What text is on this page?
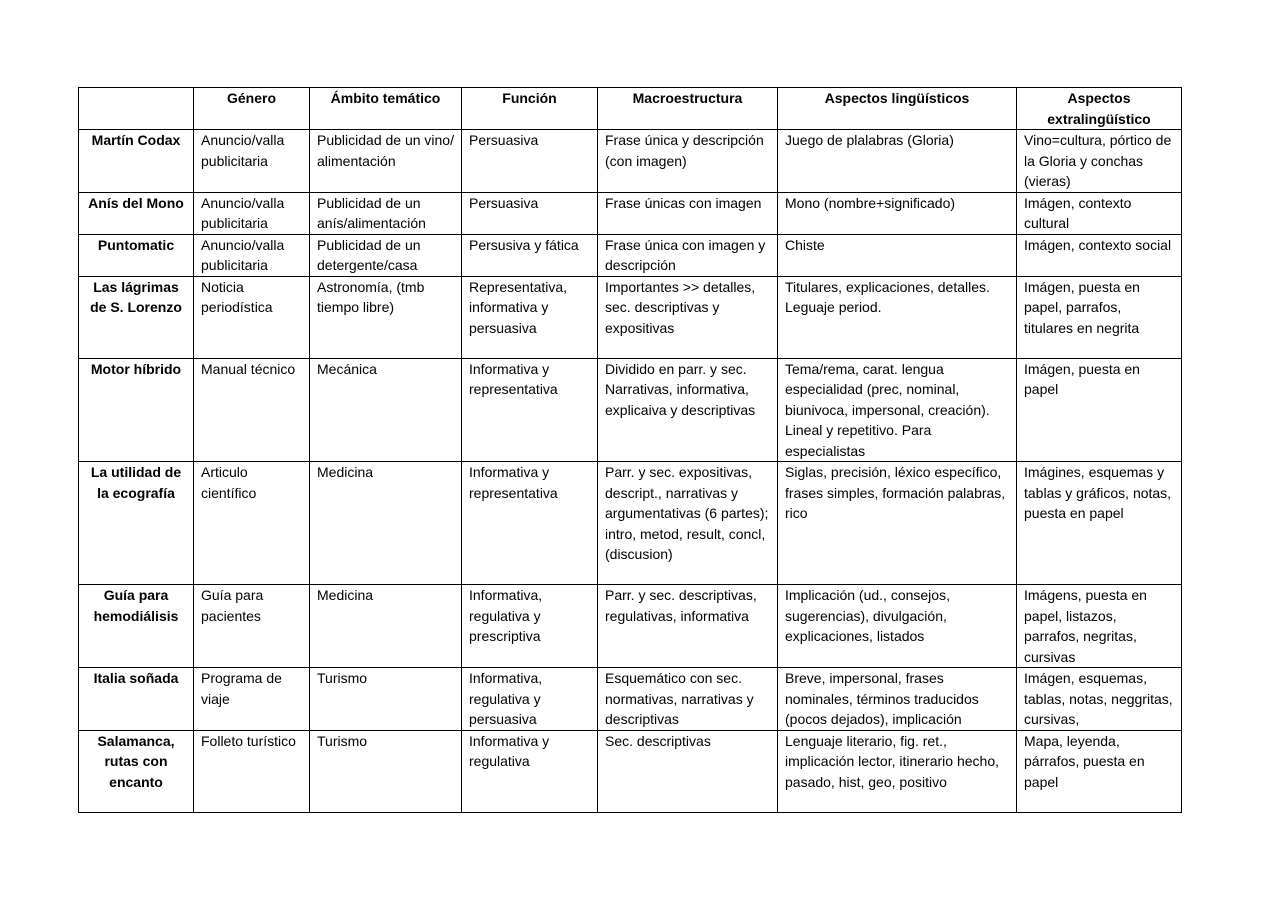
	Género	Ámbito temático	Función	Macroestructura	Aspectos lingüísticos	Aspectos extralingüístico
Martín Codax	Anuncio/valla publicitaria	Publicidad de un vino/ alimentación	Persuasiva	Frase única y descripción (con imagen)	Juego de plalabras (Gloria)	Vino=cultura, pórtico de la Gloria y conchas (vieras)
Anís del Mono	Anuncio/valla publicitaria	Publicidad de un anís/alimentación	Persuasiva	Frase únicas con imagen	Mono (nombre+significado)	Imágen, contexto cultural
Puntomatic	Anuncio/valla publicitaria	Publicidad de un detergente/casa	Persusiva y fática	Frase única con imagen y descripción	Chiste	Imágen, contexto social
Las lágrimas de S. Lorenzo	Noticia periodística	Astronomía, (tmb tiempo libre)	Representativa, informativa y persuasiva	Importantes >> detalles, sec. descriptivas y expositivas	Titulares, explicaciones, detalles. Leguaje period.	Imágen, puesta en papel, parrafos, titulares en negrita
Motor híbrido	Manual técnico	Mecánica	Informativa y representativa	Dividido en parr. y sec. Narrativas, informativa, explicaiva y descriptivas	Tema/rema, carat. lengua especialidad (prec, nominal, biunivoca, impersonal, creación). Lineal y repetitivo. Para especialistas	Imágen, puesta en papel
La utilidad de la ecografía	Articulo científico	Medicina	Informativa y representativa	Parr. y sec. expositivas, descript., narrativas y argumentativas (6 partes); intro, metod, result, concl, (discusion)	Siglas, precisión, léxico específico, frases simples, formación palabras, rico	Imágines, esquemas y tablas y gráficos, notas, puesta en papel
Guía para hemodiálisis	Guía para pacientes	Medicina	Informativa, regulativa y prescriptiva	Parr. y sec. descriptivas, regulativas, informativa	Implicación (ud., consejos, sugerencias), divulgación, explicaciones, listados	Imágens, puesta en papel, listazos, parrafos, negritas, cursivas
Italia soñada	Programa de viaje	Turismo	Informativa, regulativa y persuasiva	Esquemático con sec. normativas, narrativas y descriptivas	Breve, impersonal, frases nominales, términos traducidos (pocos dejados), implicación	Imágen, esquemas, tablas, notas, neggritas, cursivas,
Salamanca, rutas con encanto	Folleto turístico	Turismo	Informativa y regulativa	Sec. descriptivas	Lenguaje literario, fig. ret., implicación lector, itinerario hecho, pasado, hist, geo, positivo	Mapa, leyenda, párrafos, puesta en papel
